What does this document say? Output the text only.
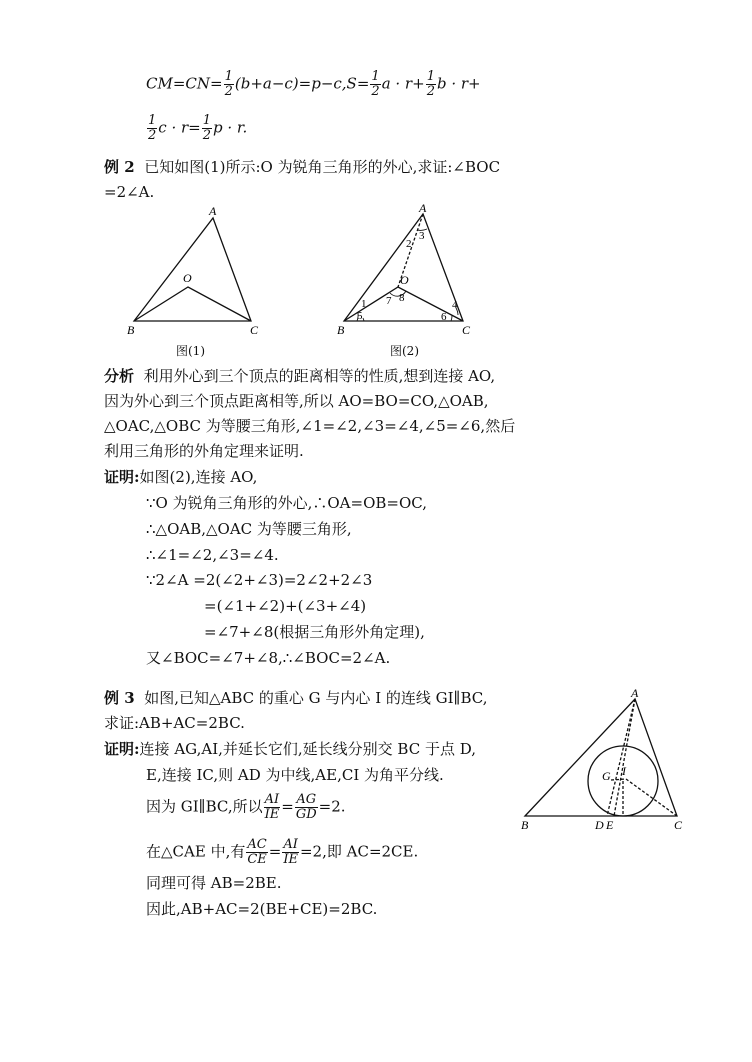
$CM=CN= \frac{1}{2} (b+a-c)=p-c,S= \frac{1}{2}$ $a \cdot r+ \frac{1}{2}$ b · r+
$\frac{1}{2}$ $c \cdot r= \frac{1}{2}$ p · r.
例 2 已知如图(1)所示:O 为锐角三角形的外心,求证:∠BOC
=2∠A.
A
B	C
O
图(1)
A
B	C
O
1
2
3
4
5	6
7 8
图(2)
分析 利用外心到三个顶点的距离相等的性质,想到连接 AO,
因为外心到三个顶点距离相等,所以 AO=BO=CO,△OAB,
△OAC,△OBC 为等腰三角形,∠1=∠2,∠3=∠4,∠5=∠6,然后
利用三角形的外角定理来证明.
证明:如图(2),连接 AO,
∵O 为锐角三角形的外心,∴OA=OB=OC,
∴△OAB,△OAC 为等腰三角形,
∴∠1=∠2,∠3=∠4.
∵2∠A =2(∠2+∠3)=2∠2+2∠3
=(∠1+∠2)+(∠3+∠4)
=∠7+∠8(根据三角形外角定理),
又∠BOC=∠7+∠8,∴∠BOC=2∠A.
例 3 如图,已知△ABC 的重心 G 与内心 I 的连线 GI∥BC,
求证:AB+AC=2BC.
证明:连接 AG,AI,并延长它们,延长线分别交 BC 于点 D,
E,连接 IC,则 AD 为中线,AE,CI 为角平分线.
因为 GI∥BC,所以 $\frac{AI}{IE} = \frac{AG}{GD} =2$.
在△CAE 中,有 $\frac{AC}{CE} = \frac{AI}{IE} =2$,即 AC=2CE.
同理可得 AB=2BE.
因此,AB+AC=2(BE+CE)=2BC.
A
B	C
D E
G I
